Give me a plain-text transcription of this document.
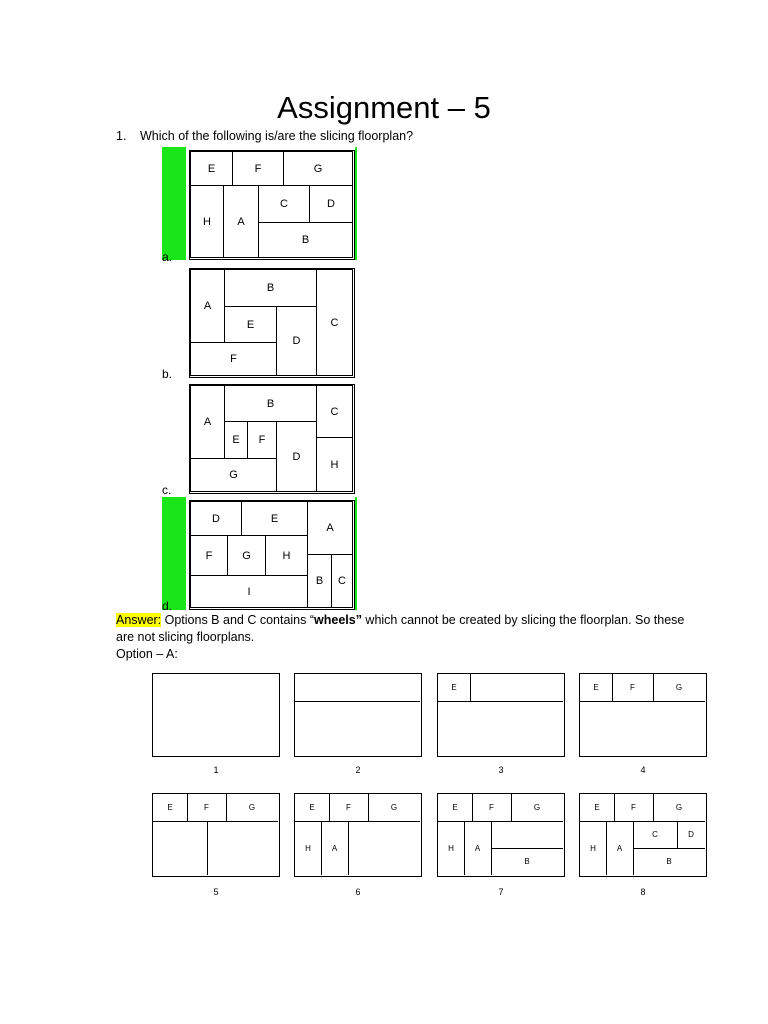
Assignment – 5
1. Which of the following is/are the slicing floorplan?
a.
E	F	G
H	A
C	D
B
b.
A
B
E
D
C
F
c.
A
B
E	F
D
C
H
G
d.
D	E
A
F	G	H
I
B	C
Answer: Options B and C contains “wheels” which cannot be created by slicing the floorplan. So these are not slicing floorplans.
Option – A:
1	2
E
3
E	F	G
4
E	F	G
5
E	F	G
H	A
6
E	F	G
H	A
B
7
E	F	G
H	A
C	D
B
8
